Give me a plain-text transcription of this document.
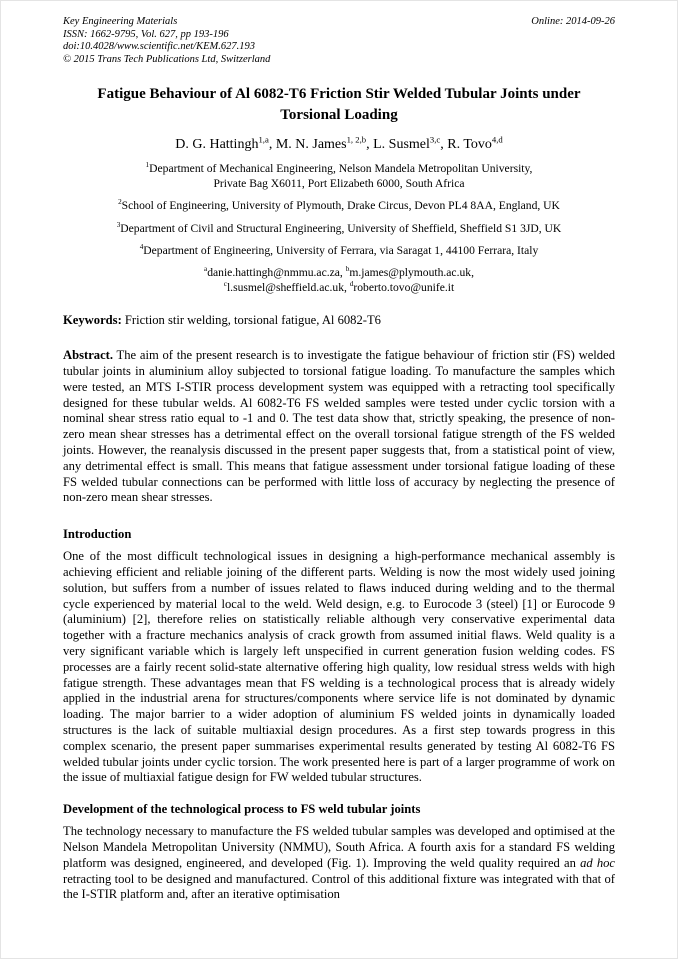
Key Engineering Materials
ISSN: 1662-9795, Vol. 627, pp 193-196
doi:10.4028/www.scientific.net/KEM.627.193
© 2015 Trans Tech Publications Ltd, Switzerland
Online: 2014-09-26
Fatigue Behaviour of Al 6082-T6 Friction Stir Welded Tubular Joints under Torsional Loading
D. G. Hattingh$^{1,a}$, M. N. James$^{1, 2,b}$, L. Susmel$^{3,c}$, R. Tovo$^{4,d}$
$^1$Department of Mechanical Engineering, Nelson Mandela Metropolitan University,
Private Bag X6011, Port Elizabeth 6000, South Africa
$^2$School of Engineering, University of Plymouth, Drake Circus, Devon PL4 8AA, England, UK
$^3$Department of Civil and Structural Engineering, University of Sheffield, Sheffield S1 3JD, UK
$^4$Department of Engineering, University of Ferrara, via Saragat 1, 44100 Ferrara, Italy
$^a$danie.hattingh@nmmu.ac.za, $^b$m.james@plymouth.ac.uk,
$^c$l.susmel@sheffield.ac.uk, $^d$roberto.tovo@unife.it

Keywords: Friction stir welding, torsional fatigue, Al 6082-T6

Abstract. The aim of the present research is to investigate the fatigue behaviour of friction stir (FS) welded tubular joints in aluminium alloy subjected to torsional fatigue loading. To manufacture the samples which were tested, an MTS I-STIR process development system was equipped with a retracting tool specifically designed for these tubular welds. Al 6082-T6 FS welded samples were tested under cyclic torsion with a nominal shear stress ratio equal to -1 and 0. The test data show that, strictly speaking, the presence of non-zero mean shear stresses has a detrimental effect on the overall torsional fatigue strength of the FS welded joints. However, the reanalysis discussed in the present paper suggests that, from a statistical point of view, any detrimental effect is small. This means that fatigue assessment under torsional fatigue loading of these FS welded tubular connections can be performed with little loss of accuracy by neglecting the presence of non-zero mean shear stresses.

Introduction

One of the most difficult technological issues in designing a high-performance mechanical assembly is achieving efficient and reliable joining of the different parts. Welding is now the most widely used joining solution, but suffers from a number of issues related to flaws induced during welding and to the thermal cycle experienced by material local to the weld. Weld design, e.g. to Eurocode 3 (steel) [1] or Eurocode 9 (aluminium) [2], therefore relies on statistically reliable although very conservative experimental data together with a fracture mechanics analysis of crack growth from assumed initial flaws. Weld quality is a very significant variable which is largely left unspecified in current generation fusion welding codes. FS processes are a fairly recent solid-state alternative offering high quality, low residual stress welds with high fatigue strength. These advantages mean that FS welding is a technological process that is already widely applied in the industrial arena for structures/components where service life is not dominated by dynamic loading. The major barrier to a wider adoption of aluminium FS welded joints in dynamically loaded structures is the lack of suitable multiaxial design procedures. As a first step towards progress in this complex scenario, the present paper summarises experimental results generated by testing Al 6082-T6 FS welded tubular joints under cyclic torsion. The work presented here is part of a larger programme of work on the issue of multiaxial fatigue design for FW welded tubular structures.

Development of the technological process to FS weld tubular joints

The technology necessary to manufacture the FS welded tubular samples was developed and optimised at the Nelson Mandela Metropolitan University (NMMU), South Africa. A fourth axis for a standard FS welding platform was designed, engineered, and developed (Fig. 1). Improving the weld quality required an ad hoc retracting tool to be designed and manufactured. Control of this additional fixture was integrated with that of the I-STIR platform and, after an iterative optimisation
